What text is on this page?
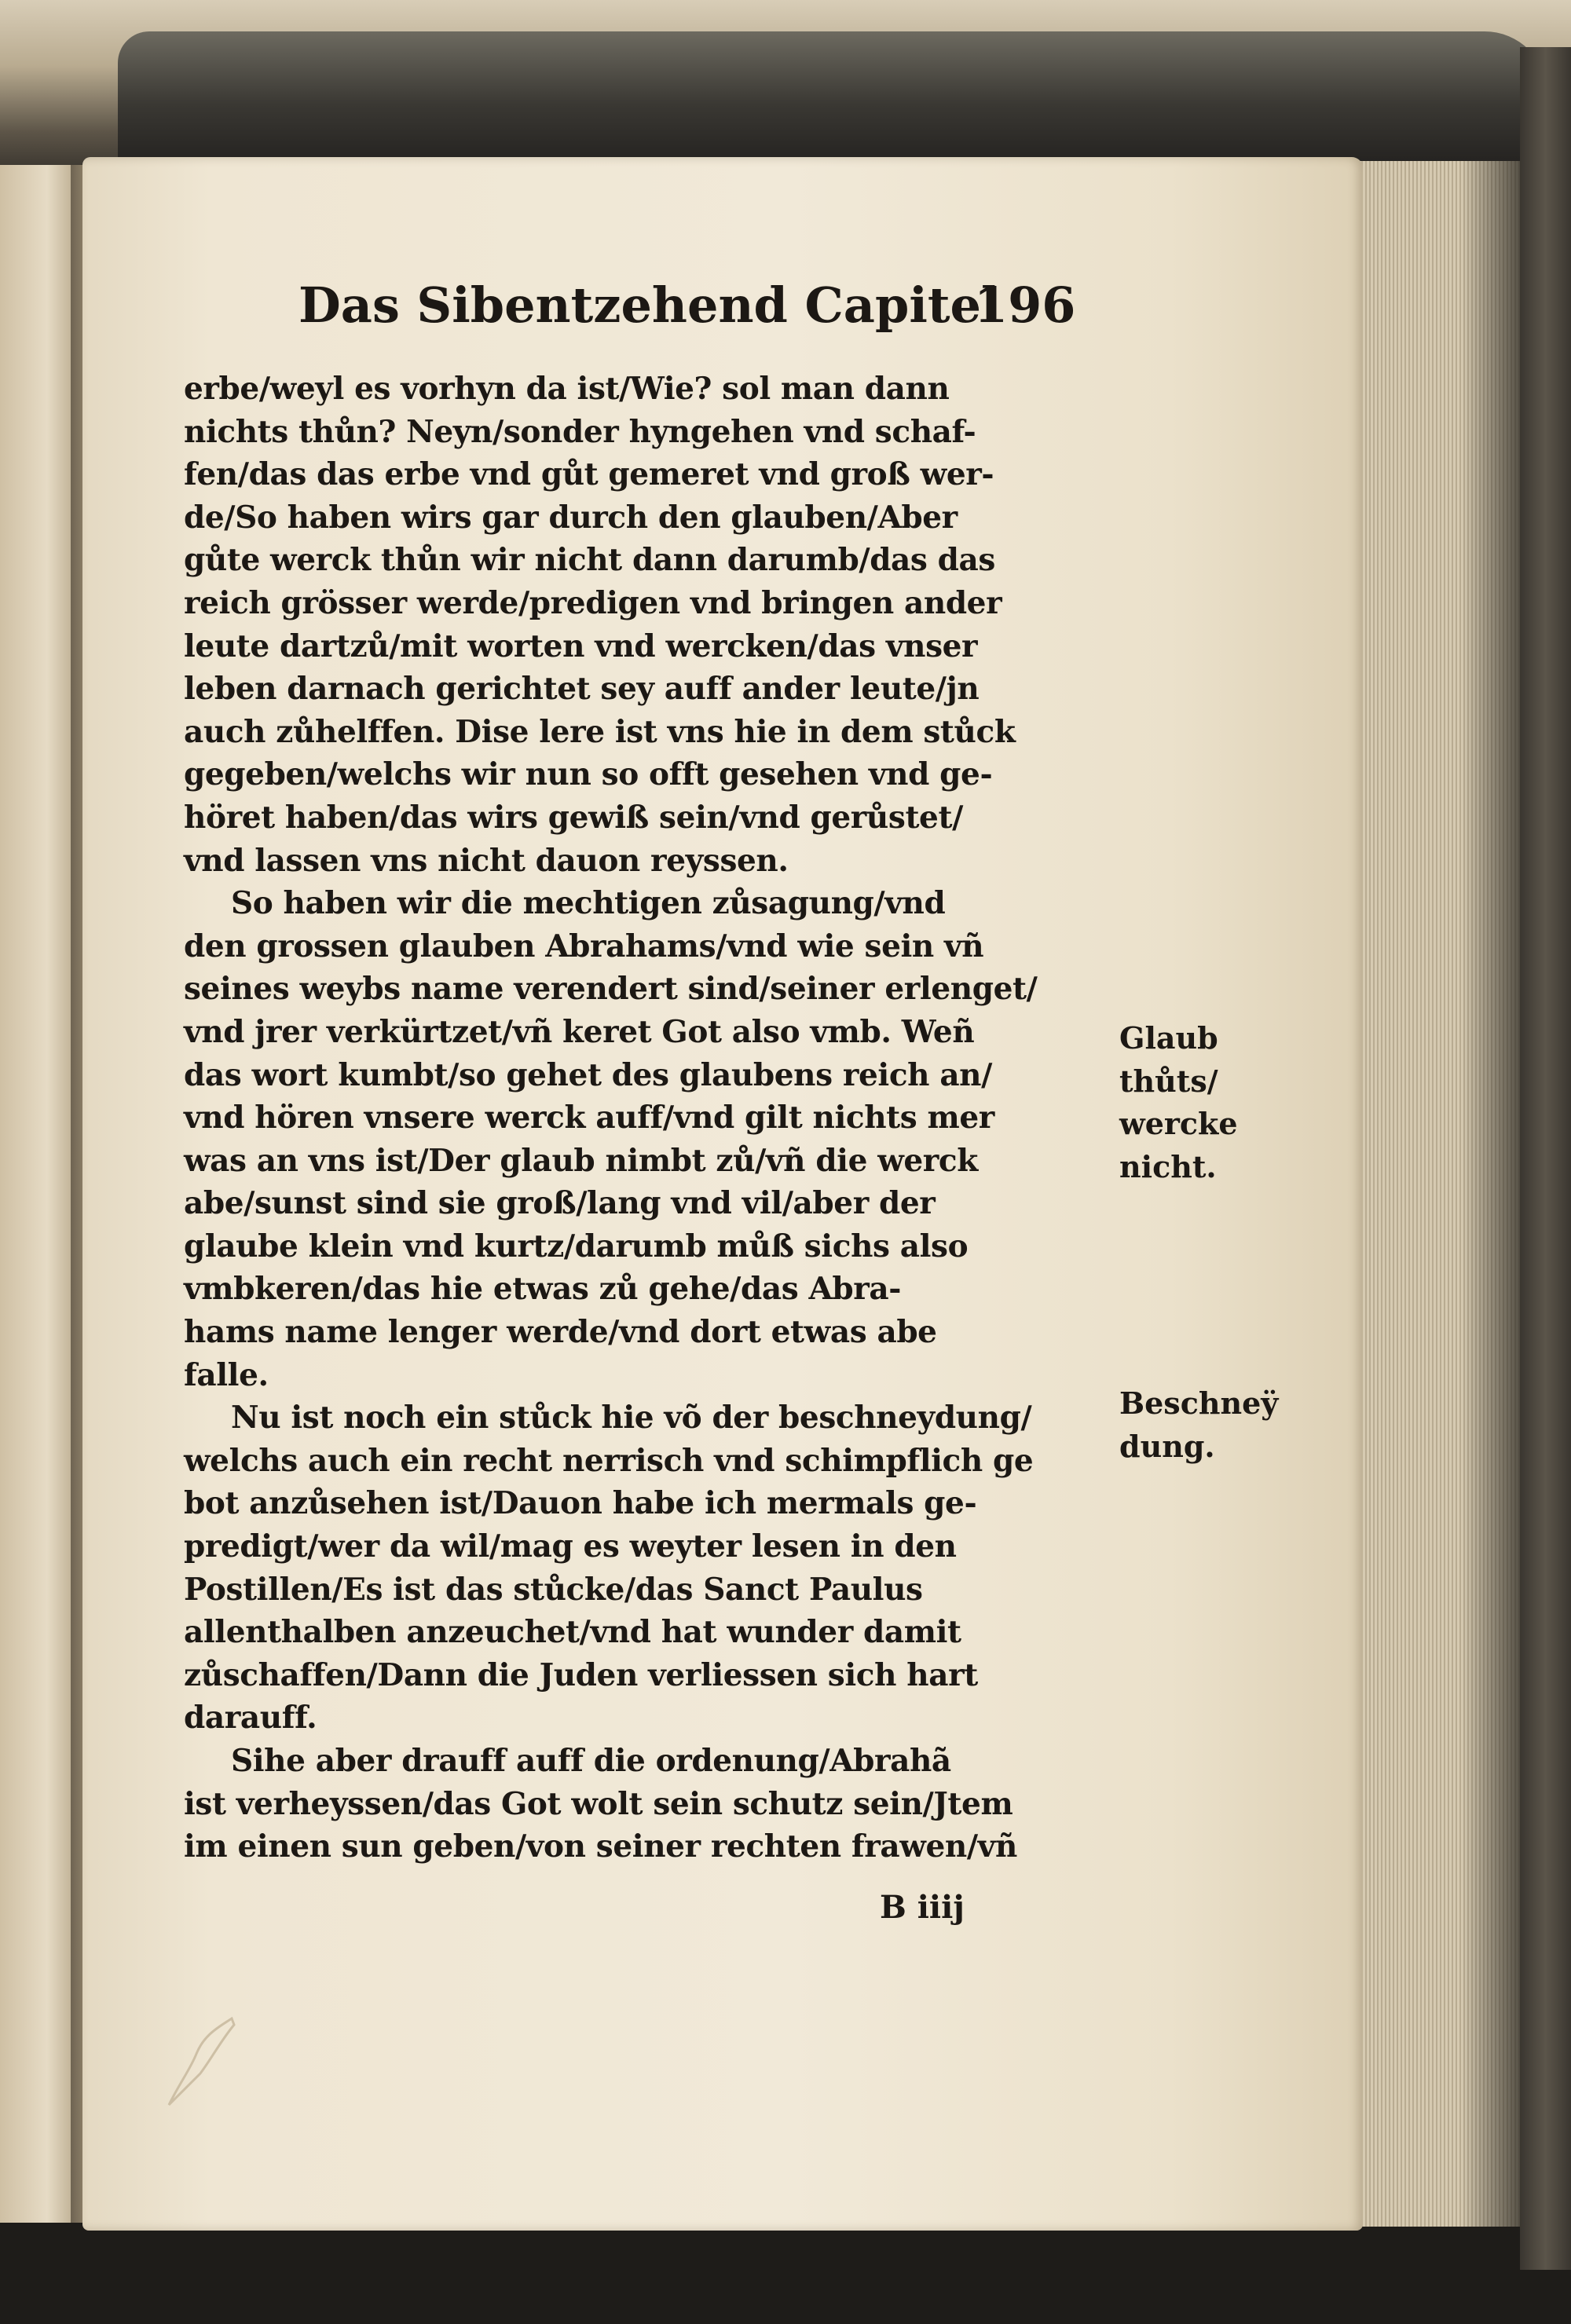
Das Sibentzehend Capitel
196
erbe/weyl es vorhyn da ist/Wie? sol man dann
nichts thůn? Neyn/sonder hyngehen vnd schaf-
fen/das das erbe vnd gůt gemeret vnd groß wer-
de/So haben wirs gar durch den glauben/Aber
gůte werck thůn wir nicht dann darumb/das das
reich grösser werde/predigen vnd bringen ander
leute dartzů/mit worten vnd wercken/das vnser
leben darnach gerichtet sey auff ander leute/jn
auch zůhelffen. Dise lere ist vns hie in dem stůck
gegeben/welchs wir nun so offt gesehen vnd ge-
höret haben/das wirs gewiß sein/vnd gerůstet/
vnd lassen vns nicht dauon reyssen.
So haben wir die mechtigen zůsagung/vnd
den grossen glauben Abrahams/vnd wie sein vñ
seines weybs name verendert sind/seiner erlenget/
vnd jrer verkürtzet/vñ keret Got also vmb. Weñ
das wort kumbt/so gehet des glaubens reich an/
vnd hören vnsere werck auff/vnd gilt nichts mer
was an vns ist/Der glaub nimbt zů/vñ die werck
abe/sunst sind sie groß/lang vnd vil/aber der
glaube klein vnd kurtz/darumb můß sichs also
vmbkeren/das hie etwas zů gehe/das Abra-
hams name lenger werde/vnd dort etwas abe
falle.
Nu ist noch ein stůck hie võ der beschneydung/
welchs auch ein recht nerrisch vnd schimpflich ge
bot anzůsehen ist/Dauon habe ich mermals ge-
predigt/wer da wil/mag es weyter lesen in den
Postillen/Es ist das stůcke/das Sanct Paulus
allenthalben anzeuchet/vnd hat wunder damit
zůschaffen/Dann die Juden verliessen sich hart
darauff.
Sihe aber drauff auff die ordenung/Abrahã
ist verheyssen/das Got wolt sein schutz sein/Jtem
im einen sun geben/von seiner rechten frawen/vñ
B iiij
Glaub
thůts/
wercke
nicht.
Beschneÿ
dung.
